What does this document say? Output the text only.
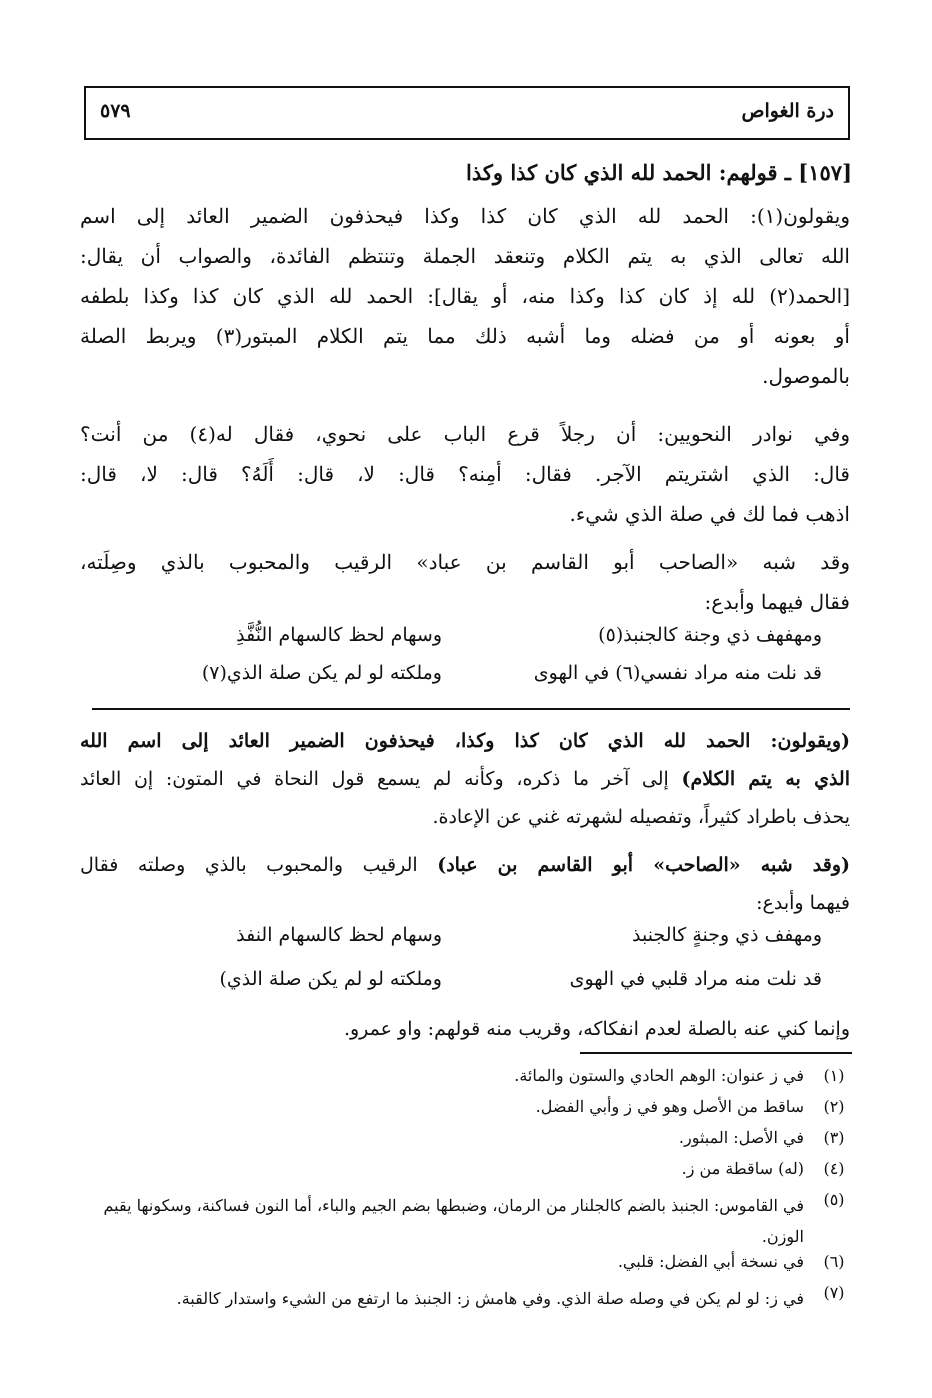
درة الغواص
٥٧٩
[١٥٧] ـ قولهم: الحمد لله الذي كان كذا وكذا
ويقولون(١): الحمد لله الذي كان كذا وكذا فيحذفون الضمير العائد إلى اسم
الله تعالى الذي به يتم الكلام وتنعقد الجملة وتنتظم الفائدة، والصواب أن يقال:
[الحمد(٢) لله إذ كان كذا وكذا منه، أو يقال]: الحمد لله الذي كان كذا وكذا بلطفه
أو بعونه أو من فضله وما أشبه ذلك مما يتم الكلام المبتور(٣) ويربط الصلة
بالموصول.
وفي نوادر النحويين: أن رجلاً قرع الباب على نحوي، فقال له(٤) من أنت؟
قال: الذي اشتريتم الآجر. فقال: أمِنه؟ قال: لا، قال: أَلَهُ؟ قال: لا، قال:
اذهب فما لك في صلة الذي شيء.
وقد شبه «الصاحب أبو القاسم بن عباد» الرقيب والمحبوب بالذي وصِلَته،
فقال فيهما وأبدع:
ومهفهف ذي وجنة كالجنبذ(٥)
وسهام لحظ كالسهام النُّفَّذِ
قد نلت منه مراد نفسي(٦) في الهوى
وملكته لو لم يكن صلة الذي(٧)
(ويقولون: الحمد لله الذي كان كذا وكذا، فيحذفون الضمير العائد إلى اسم الله
الذي به يتم الكلام) إلى آخر ما ذكره، وكأنه لم يسمع قول النحاة في المتون: إن العائد
يحذف باطراد كثيراً، وتفصيله لشهرته غني عن الإعادة.
(وقد شبه «الصاحب» أبو القاسم بن عباد) الرقيب والمحبوب بالذي وصلته فقال
فيهما وأبدع:
ومهفف ذي وجنةٍ كالجنبذ
وسهام لحظ كالسهام النفذ
قد نلت منه مراد قلبي في الهوى
وملكته لو لم يكن صلة الذي)
وإنما كني عنه بالصلة لعدم انفكاكه، وقريب منه قولهم: واو عمرو.
(١)
في ز عنوان: الوهم الحادي والستون والمائة.
(٢)
ساقط من الأصل وهو في ز وأبي الفضل.
(٣)
في الأصل: المبثور.
(٤)
(له) ساقطة من ز.
(٥)
في القاموس: الجنبذ بالضم كالجلنار من الرمان، وضبطها بضم الجيم والباء، أما النون فساكنة، وسكونها يقيم الوزن.
(٦)
في نسخة أبي الفضل: قلبي.
(٧)
في ز: لو لم يكن في وصله صلة الذي. وفي هامش ز: الجنبذ ما ارتفع من الشيء واستدار كالقبة.
